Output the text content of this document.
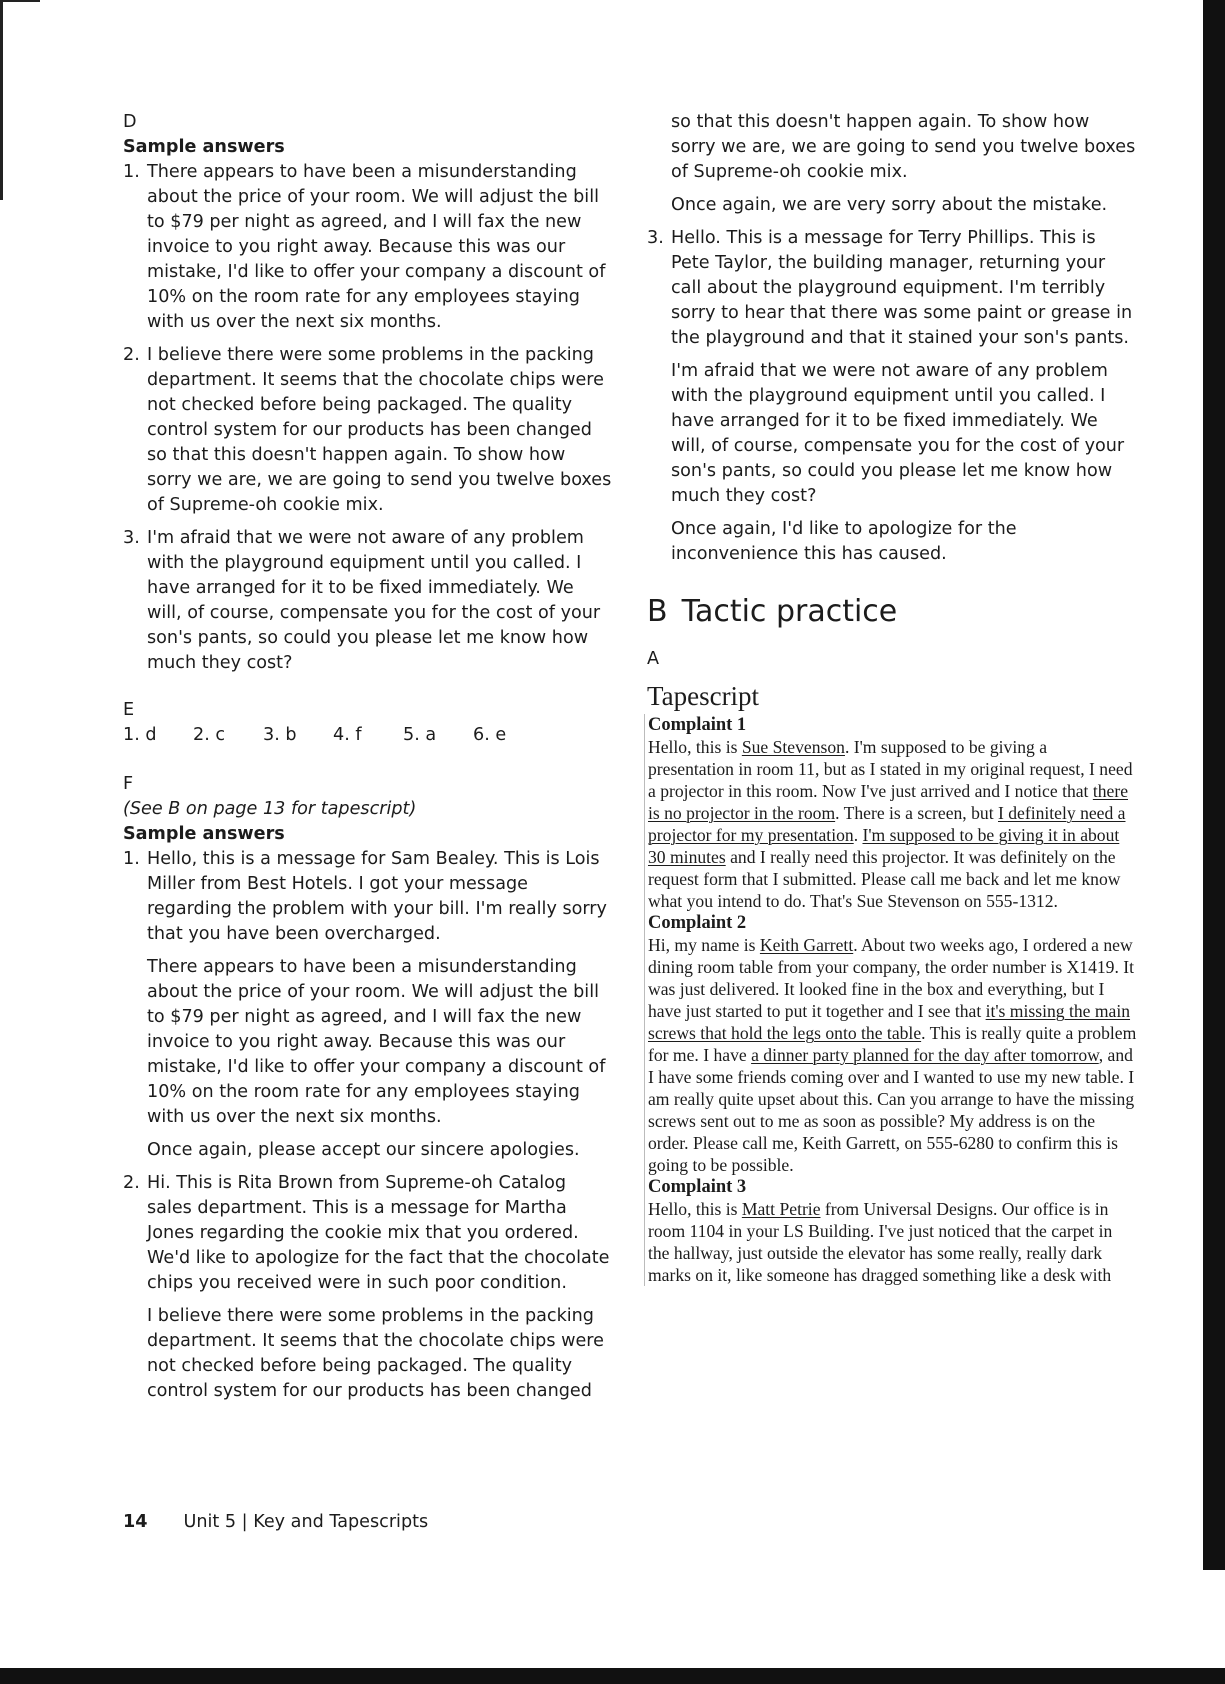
D

Sample answers

1. There appears to have been a misunderstanding about the price of your room. We will adjust the bill to $79 per night as agreed, and I will fax the new invoice to you right away. Because this was our mistake, I'd like to offer your company a discount of 10% on the room rate for any employees staying with us over the next six months.

2. I believe there were some problems in the packing department. It seems that the chocolate chips were not checked before being packaged. The quality control system for our products has been changed so that this doesn't happen again. To show how sorry we are, we are going to send you twelve boxes of Supreme-oh cookie mix.

3. I'm afraid that we were not aware of any problem with the playground equipment until you called. I have arranged for it to be fixed immediately. We will, of course, compensate you for the cost of your son's pants, so could you please let me know how much they cost?

E

1. d	2. c	3. b	4. f	5. a	6. e

F

(See B on page 13 for tapescript)

Sample answers

1. Hello, this is a message for Sam Bealey. This is Lois Miller from Best Hotels. I got your message regarding the problem with your bill. I'm really sorry that you have been overcharged.

There appears to have been a misunderstanding about the price of your room. We will adjust the bill to $79 per night as agreed, and I will fax the new invoice to you right away. Because this was our mistake, I'd like to offer your company a discount of 10% on the room rate for any employees staying with us over the next six months.

Once again, please accept our sincere apologies.

2. Hi. This is Rita Brown from Supreme-oh Catalog sales department. This is a message for Martha Jones regarding the cookie mix that you ordered. We'd like to apologize for the fact that the chocolate chips you received were in such poor condition.

I believe there were some problems in the packing department. It seems that the chocolate chips were not checked before being packaged. The quality control system for our products has been changed

so that this doesn't happen again. To show how sorry we are, we are going to send you twelve boxes of Supreme-oh cookie mix.

Once again, we are very sorry about the mistake.

3. Hello. This is a message for Terry Phillips. This is Pete Taylor, the building manager, returning your call about the playground equipment. I'm terribly sorry to hear that there was some paint or grease in the playground and that it stained your son's pants.

I'm afraid that we were not aware of any problem with the playground equipment until you called. I have arranged for it to be fixed immediately. We will, of course, compensate you for the cost of your son's pants, so could you please let me know how much they cost?

Once again, I'd like to apologize for the inconvenience this has caused.

B Tactic practice

A

Tapescript
Complaint 1
Hello, this is Sue Stevenson. I'm supposed to be giving a presentation in room 11, but as I stated in my original request, I need a projector in this room. Now I've just arrived and I notice that there is no projector in the room. There is a screen, but I definitely need a projector for my presentation. I'm supposed to be giving it in about 30 minutes and I really need this projector. It was definitely on the request form that I submitted. Please call me back and let me know what you intend to do. That's Sue Stevenson on 555-1312.
Complaint 2
Hi, my name is Keith Garrett. About two weeks ago, I ordered a new dining room table from your company, the order number is X1419. It was just delivered. It looked fine in the box and everything, but I have just started to put it together and I see that it's missing the main screws that hold the legs onto the table. This is really quite a problem for me. I have a dinner party planned for the day after tomorrow, and I have some friends coming over and I wanted to use my new table. I am really quite upset about this. Can you arrange to have the missing screws sent out to me as soon as possible? My address is on the order. Please call me, Keith Garrett, on 555-6280 to confirm this is going to be possible.
Complaint 3
Hello, this is Matt Petrie from Universal Designs. Our office is in room 1104 in your LS Building. I've just noticed that the carpet in the hallway, just outside the elevator has some really, really dark marks on it, like someone has dragged something like a desk with
14 Unit 5 | Key and Tapescripts
